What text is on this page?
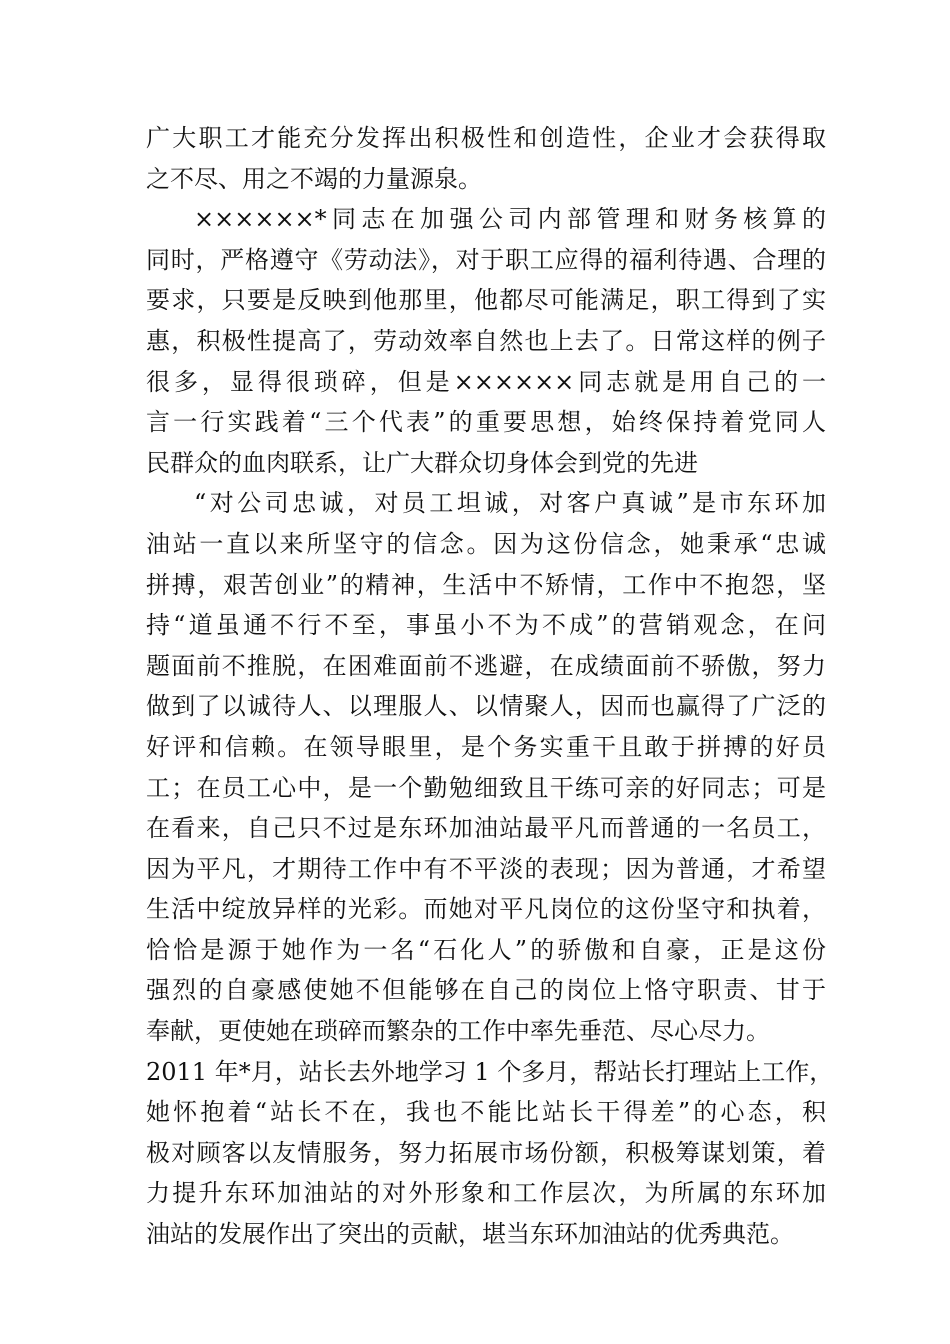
广大职工才能充分发挥出积极性和创造性，企业才会获得取
之不尽、用之不竭的力量源泉。
××××××*同志在加强公司内部管理和财务核算的
同时，严格遵守《劳动法》，对于职工应得的福利待遇、合理的
要求，只要是反映到他那里，他都尽可能满足，职工得到了实
惠，积极性提高了，劳动效率自然也上去了。日常这样的例子
很多，显得很琐碎，但是××××××同志就是用自己的一
言一行实践着“三个代表”的重要思想，始终保持着党同人
民群众的血肉联系，让广大群众切身体会到党的先进
“对公司忠诚，对员工坦诚，对客户真诚”是市东环加
油站一直以来所坚守的信念。因为这份信念，她秉承“忠诚
拼搏，艰苦创业”的精神，生活中不矫情，工作中不抱怨，坚
持“道虽通不行不至，事虽小不为不成”的营销观念，在问
题面前不推脱，在困难面前不逃避，在成绩面前不骄傲，努力
做到了以诚待人、以理服人、以情聚人，因而也赢得了广泛的
好评和信赖。在领导眼里，是个务实重干且敢于拼搏的好员
工；在员工心中，是一个勤勉细致且干练可亲的好同志；可是
在看来，自己只不过是东环加油站最平凡而普通的一名员工，
因为平凡，才期待工作中有不平淡的表现；因为普通，才希望
生活中绽放异样的光彩。而她对平凡岗位的这份坚守和执着，
恰恰是源于她作为一名“石化人”的骄傲和自豪，正是这份
强烈的自豪感使她不但能够在自己的岗位上恪守职责、甘于
奉献，更使她在琐碎而繁杂的工作中率先垂范、尽心尽力。
2011 年*月，站长去外地学习 1 个多月，帮站长打理站上工作，
她怀抱着“站长不在，我也不能比站长干得差”的心态，积
极对顾客以友情服务，努力拓展市场份额，积极筹谋划策，着
力提升东环加油站的对外形象和工作层次，为所属的东环加
油站的发展作出了突出的贡献，堪当东环加油站的优秀典范。
